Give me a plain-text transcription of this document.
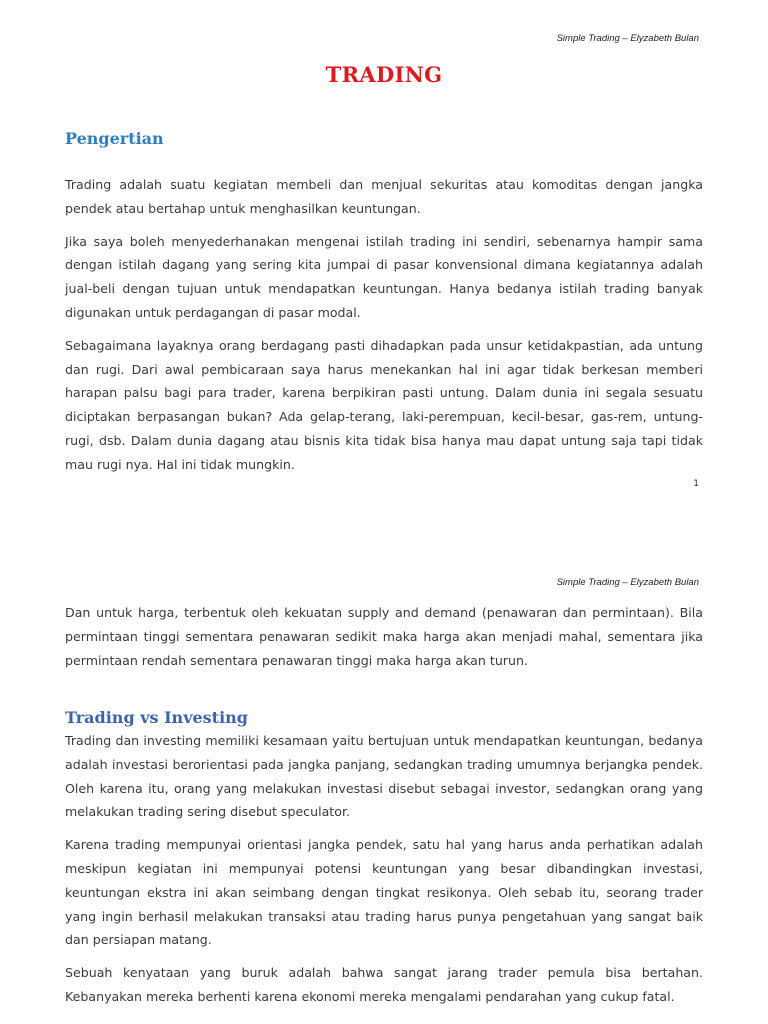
Simple Trading – Elyzabeth Bulan
TRADING
Pengertian

Trading adalah suatu kegiatan membeli dan menjual sekuritas atau komoditas dengan jangka pendek atau bertahap untuk menghasilkan keuntungan.

Jika saya boleh menyederhanakan mengenai istilah trading ini sendiri, sebenarnya hampir sama dengan istilah dagang yang sering kita jumpai di pasar konvensional dimana kegiatannya adalah jual-beli dengan tujuan untuk mendapatkan keuntungan. Hanya bedanya istilah trading banyak digunakan untuk perdagangan di pasar modal.

Sebagaimana layaknya orang berdagang pasti dihadapkan pada unsur ketidakpastian, ada untung dan rugi. Dari awal pembicaraan saya harus menekankan hal ini agar tidak berkesan memberi harapan palsu bagi para trader, karena berpikiran pasti untung. Dalam dunia ini segala sesuatu diciptakan berpasangan bukan? Ada gelap-terang, laki-perempuan, kecil-besar, gas-rem, untung-rugi, dsb. Dalam dunia dagang atau bisnis kita tidak bisa hanya mau dapat untung saja tapi tidak mau rugi nya. Hal ini tidak mungkin.

1
Simple Trading – Elyzabeth Bulan

Dan untuk harga, terbentuk oleh kekuatan supply and demand (penawaran dan permintaan). Bila permintaan tinggi sementara penawaran sedikit maka harga akan menjadi mahal, sementara jika permintaan rendah sementara penawaran tinggi maka harga akan turun.

Trading vs Investing

Trading dan investing memiliki kesamaan yaitu bertujuan untuk mendapatkan keuntungan, bedanya adalah investasi berorientasi pada jangka panjang, sedangkan trading umumnya berjangka pendek. Oleh karena itu, orang yang melakukan investasi disebut sebagai investor, sedangkan orang yang melakukan trading sering disebut speculator.

Karena trading mempunyai orientasi jangka pendek, satu hal yang harus anda perhatikan adalah meskipun kegiatan ini mempunyai potensi keuntungan yang besar dibandingkan investasi, keuntungan ekstra ini akan seimbang dengan tingkat resikonya. Oleh sebab itu, seorang trader yang ingin berhasil melakukan transaksi atau trading harus punya pengetahuan yang sangat baik dan persiapan matang.

Sebuah kenyataan yang buruk adalah bahwa sangat jarang trader pemula bisa bertahan. Kebanyakan mereka berhenti karena ekonomi mereka mengalami pendarahan yang cukup fatal.
